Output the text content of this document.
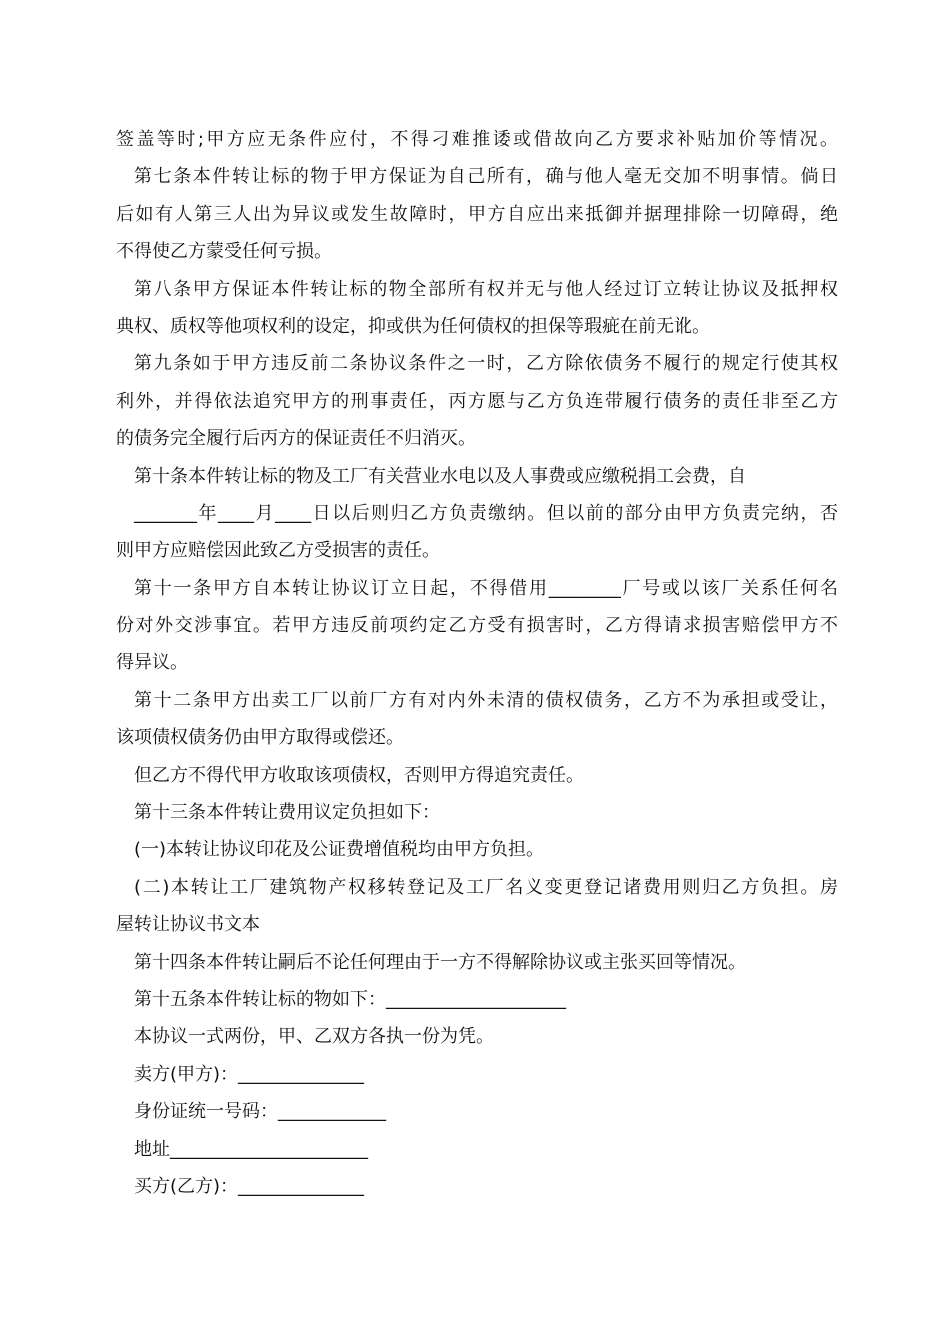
签盖等时;甲方应无条件应付，不得刁难推诿或借故向乙方要求补贴加价等情况。
第七条本件转让标的物于甲方保证为自己所有，确与他人毫无交加不明事情。倘日
后如有人第三人出为异议或发生故障时，甲方自应出来抵御并据理排除一切障碍，绝
不得使乙方蒙受任何亏损。
第八条甲方保证本件转让标的物全部所有权并无与他人经过订立转让协议及抵押权
典权、质权等他项权利的设定，抑或供为任何债权的担保等瑕疵在前无讹。
第九条如于甲方违反前二条协议条件之一时，乙方除依债务不履行的规定行使其权
利外，并得依法追究甲方的刑事责任，丙方愿与乙方负连带履行债务的责任非至乙方
的债务完全履行后丙方的保证责任不归消灭。
第十条本件转让标的物及工厂有关营业水电以及人事费或应缴税捐工会费，自
_______年____月____日以后则归乙方负责缴纳。但以前的部分由甲方负责完纳，否
则甲方应赔偿因此致乙方受损害的责任。
第十一条甲方自本转让协议订立日起，不得借用________厂号或以该厂关系任何名
份对外交涉事宜。若甲方违反前项约定乙方受有损害时，乙方得请求损害赔偿甲方不
得异议。
第十二条甲方出卖工厂以前厂方有对内外未清的债权债务，乙方不为承担或受让，
该项债权债务仍由甲方取得或偿还。
但乙方不得代甲方收取该项债权，否则甲方得追究责任。
第十三条本件转让费用议定负担如下：
(一)本转让协议印花及公证费增值税均由甲方负担。
(二)本转让工厂建筑物产权移转登记及工厂名义变更登记诸费用则归乙方负担。房
屋转让协议书文本
第十四条本件转让嗣后不论任何理由于一方不得解除协议或主张买回等情况。
第十五条本件转让标的物如下：____________________
本协议一式两份，甲、乙双方各执一份为凭。
卖方(甲方)：______________
身份证统一号码：____________
地址______________________
买方(乙方)：______________
